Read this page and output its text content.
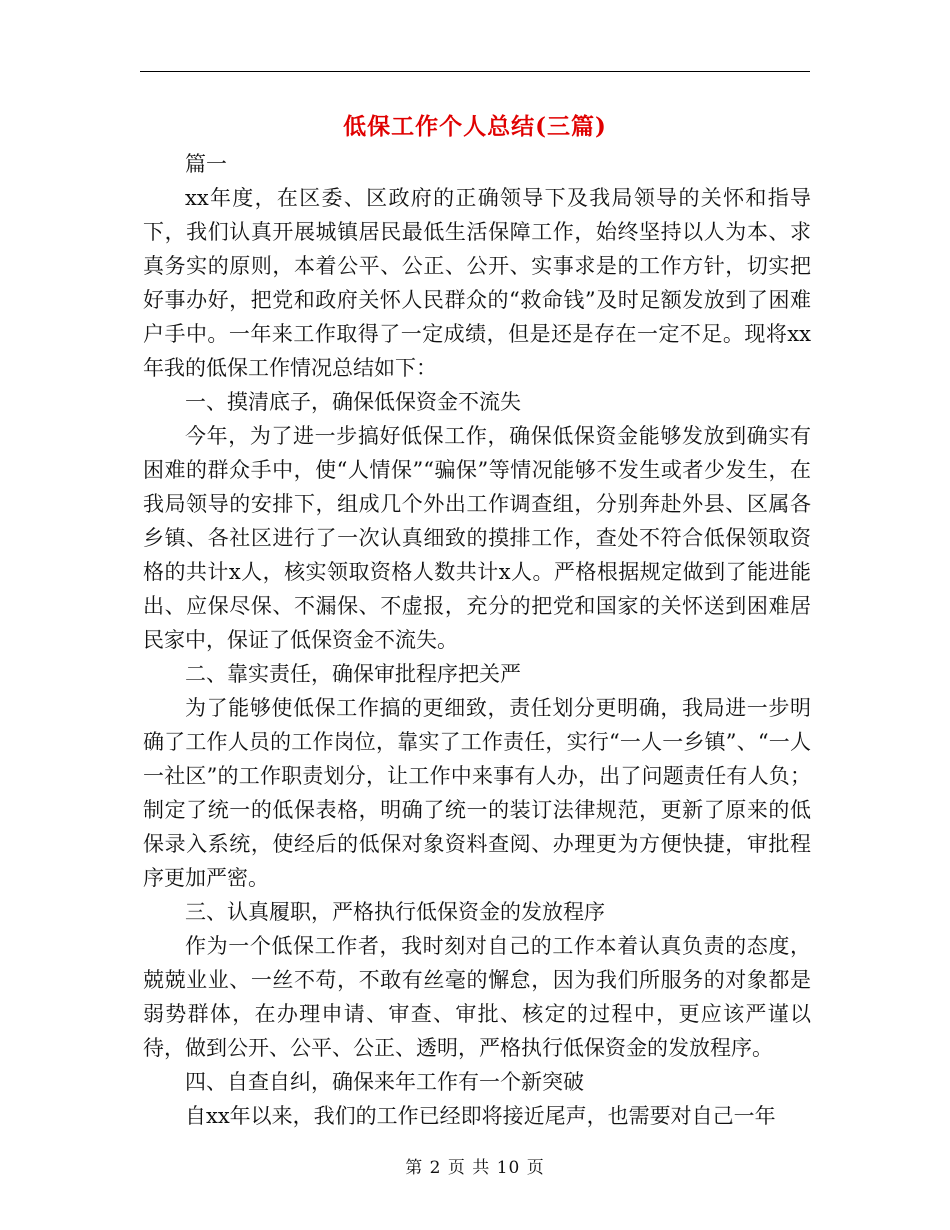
低保工作个人总结(三篇)

篇一

xx年度，在区委、区政府的正确领导下及我局领导的关怀和指导下，我们认真开展城镇居民最低生活保障工作，始终坚持以人为本、求真务实的原则，本着公平、公正、公开、实事求是的工作方针，切实把好事办好，把党和政府关怀人民群众的“救命钱”及时足额发放到了困难户手中。一年来工作取得了一定成绩，但是还是存在一定不足。现将xx年我的低保工作情况总结如下：

一、摸清底子，确保低保资金不流失

今年，为了进一步搞好低保工作，确保低保资金能够发放到确实有困难的群众手中，使“人情保”“骗保”等情况能够不发生或者少发生，在我局领导的安排下，组成几个外出工作调查组，分别奔赴外县、区属各乡镇、各社区进行了一次认真细致的摸排工作，查处不符合低保领取资格的共计x人，核实领取资格人数共计x人。严格根据规定做到了能进能出、应保尽保、不漏保、不虚报，充分的把党和国家的关怀送到困难居民家中，保证了低保资金不流失。

二、靠实责任，确保审批程序把关严

为了能够使低保工作搞的更细致，责任划分更明确，我局进一步明确了工作人员的工作岗位，靠实了工作责任，实行“一人一乡镇”、“一人一社区”的工作职责划分，让工作中来事有人办，出了问题责任有人负；制定了统一的低保表格，明确了统一的装订法律规范，更新了原来的低保录入系统，使经后的低保对象资料查阅、办理更为方便快捷，审批程序更加严密。

三、认真履职，严格执行低保资金的发放程序

作为一个低保工作者，我时刻对自己的工作本着认真负责的态度，兢兢业业、一丝不苟，不敢有丝毫的懈怠，因为我们所服务的对象都是弱势群体，在办理申请、审查、审批、核定的过程中，更应该严谨以待，做到公开、公平、公正、透明，严格执行低保资金的发放程序。

四、自查自纠，确保来年工作有一个新突破

自xx年以来，我们的工作已经即将接近尾声，也需要对自己一年

第 2 页 共 10 页
